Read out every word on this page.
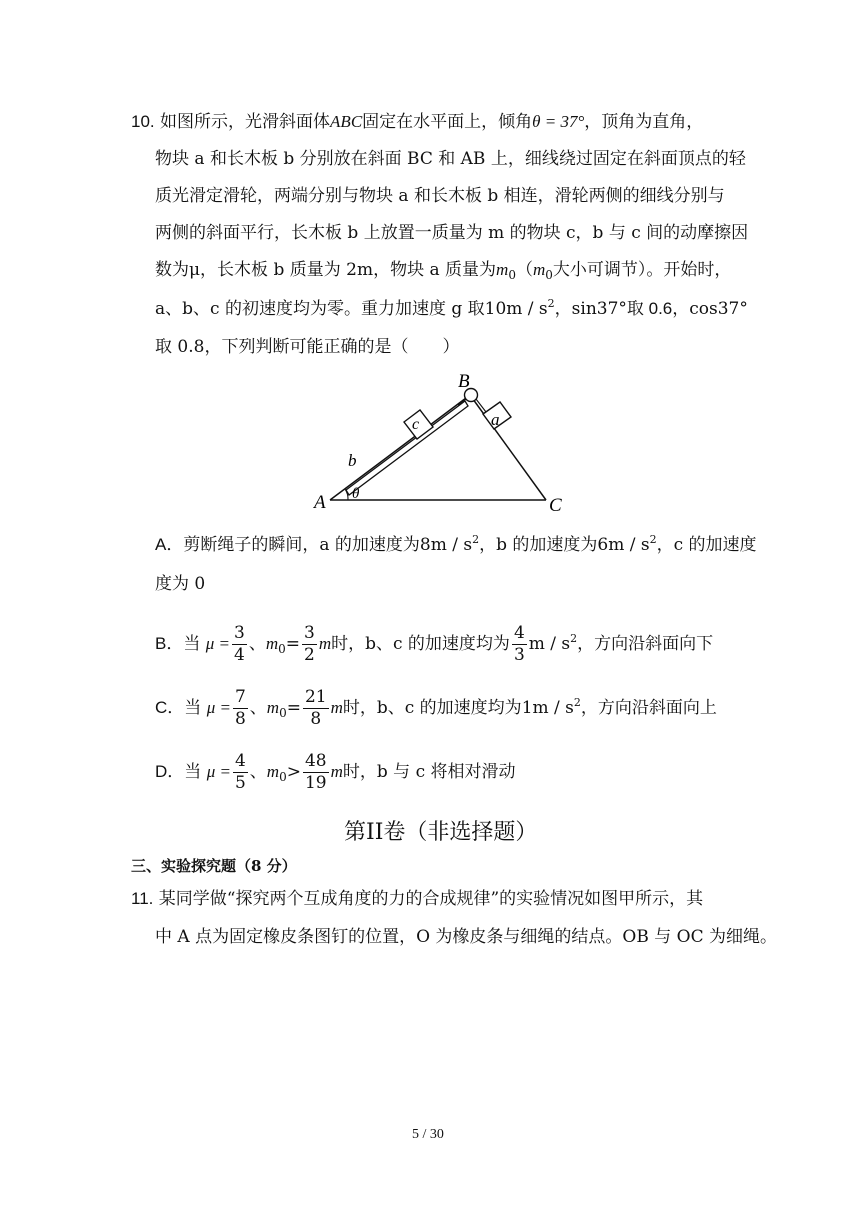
10. 如图所示，光滑斜面体ABC固定在水平面上，倾角θ = 37°，顶角为直角，
物块 a 和长木板 b 分别放在斜面 BC 和 AB 上，细线绕过固定在斜面顶点的轻
质光滑定滑轮，两端分别与物块 a 和长木板 b 相连，滑轮两侧的细线分别与
两侧的斜面平行，长木板 b 上放置一质量为 m 的物块 c，b 与 c 间的动摩擦因
数为μ，长木板 b 质量为 2m，物块 a 质量为$m_0(m_0$大小可调节）。开始时，
a、b、c 的初速度均为零。重力加速度 g 取$10m / s^2$，sin37°取 0.6，cos37°
取 0.8，下列判断可能正确的是（　　）
A
B
C
a
b
c
θ
A．剪断绳子的瞬间，a 的加速度为$8m / s^2$，b 的加速度为$6m / s^2$，c 的加速度
度为 0
B．当 $\mu = \frac{3}{4}$ 、$m_0= \frac{3}{2}$ m时，b、c 的加速度均为 $\frac{4}{3}$ m / $s^2$，方向沿斜面向下
C．当 $\mu = \frac{7}{8}$ 、$m_0= \frac{21}{8}$ m时，b、c 的加速度均为$1m / s^2$，方向沿斜面向上
D．当 $\mu = \frac{4}{5}$ 、$m_0> \frac{48}{19}$ m时，b 与 c 将相对滑动
第II卷（非选择题）
三、实验探究题（8 分）
11. 某同学做“探究两个互成角度的力的合成规律”的实验情况如图甲所示，其
中 A 点为固定橡皮条图钉的位置，O 为橡皮条与细绳的结点。OB 与 OC 为细绳。
5 / 30
